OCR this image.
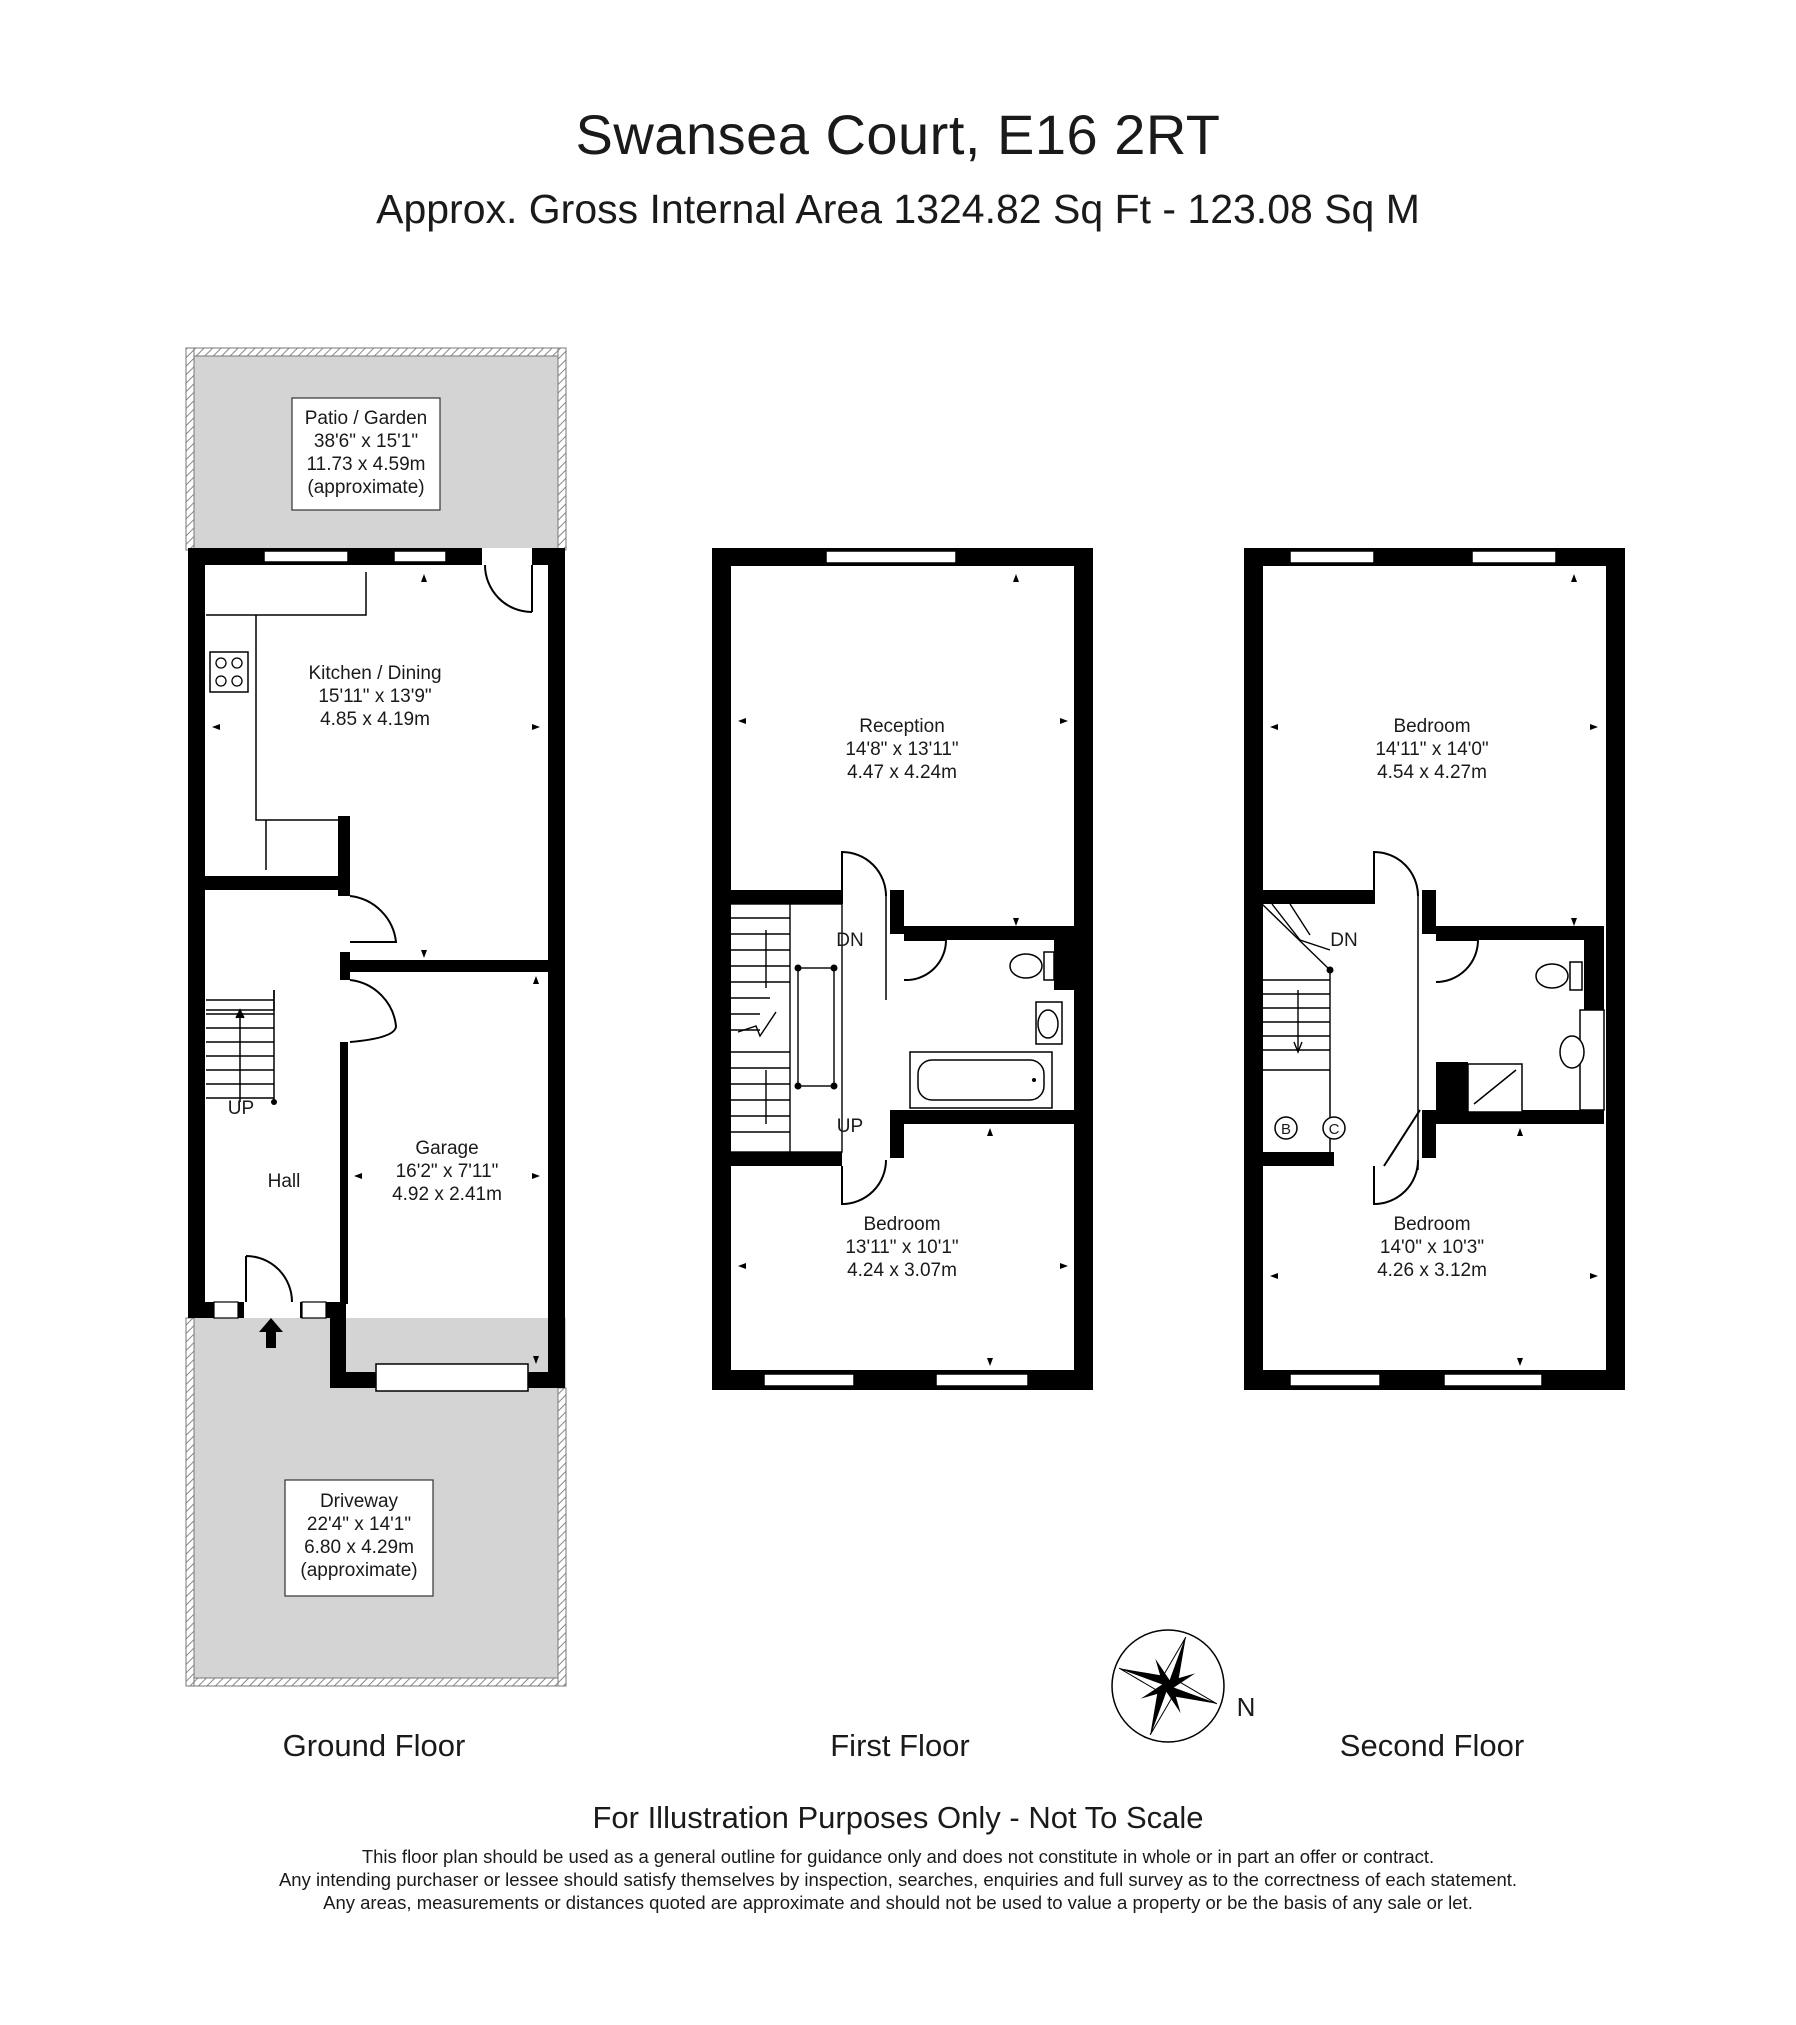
Swansea Court, E16 2RT
Approx. Gross Internal Area 1324.82 Sq Ft - 123.08 Sq M
Patio / Garden
38'6" x 15'1"
11.73 x 4.59m
(approximate)
Kitchen / Dining
15'11" x 13'9"
4.85 x 4.19m
UP
Hall
Garage
16'2" x 7'11"
4.92 x 2.41m
Driveway
22'4" x 14'1"
6.80 x 4.29m
(approximate)
Reception
14'8" x 13'11"
4.47 x 4.24m
DN
UP
Bedroom
13'11" x 10'1"
4.24 x 3.07m
B	C
Bedroom
14'11" x 14'0"
4.54 x 4.27m
DN
Bedroom
14'0" x 10'3"
4.26 x 3.12m
N
Ground Floor	First Floor	Second Floor
For Illustration Purposes Only - Not To Scale
This floor plan should be used as a general outline for guidance only and does not constitute in whole or in part an offer or contract.
Any intending purchaser or lessee should satisfy themselves by inspection, searches, enquiries and full survey as to the correctness of each statement.
Any areas, measurements or distances quoted are approximate and should not be used to value a property or be the basis of any sale or let.
